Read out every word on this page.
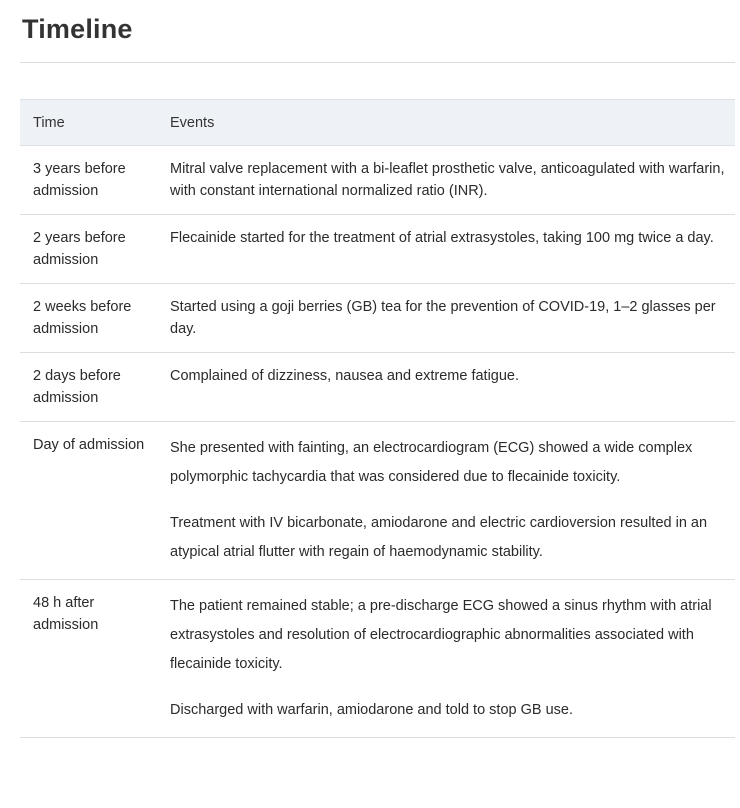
Timeline
Time	Events
3 years before admission	Mitral valve replacement with a bi-leaflet prosthetic valve, anticoagulated with warfarin, with constant international normalized ratio (INR).

2 years before admission	Flecainide started for the treatment of atrial extrasystoles, taking 100 mg twice a day.

2 weeks before admission	Started using a goji berries (GB) tea for the prevention of COVID-19, 1–2 glasses per day.

2 days before admission	Complained of dizziness, nausea and extreme fatigue.

Day of admission	She presented with fainting, an electrocardiogram (ECG) showed a wide complex polymorphic tachycardia that was considered due to flecainide toxicity.

Treatment with IV bicarbonate, amiodarone and electric cardioversion resulted in an atypical atrial flutter with regain of haemodynamic stability.

48 h after admission	The patient remained stable; a pre-discharge ECG showed a sinus rhythm with atrial extrasystoles and resolution of electrocardiographic abnormalities associated with flecainide toxicity.

Discharged with warfarin, amiodarone and told to stop GB use.
